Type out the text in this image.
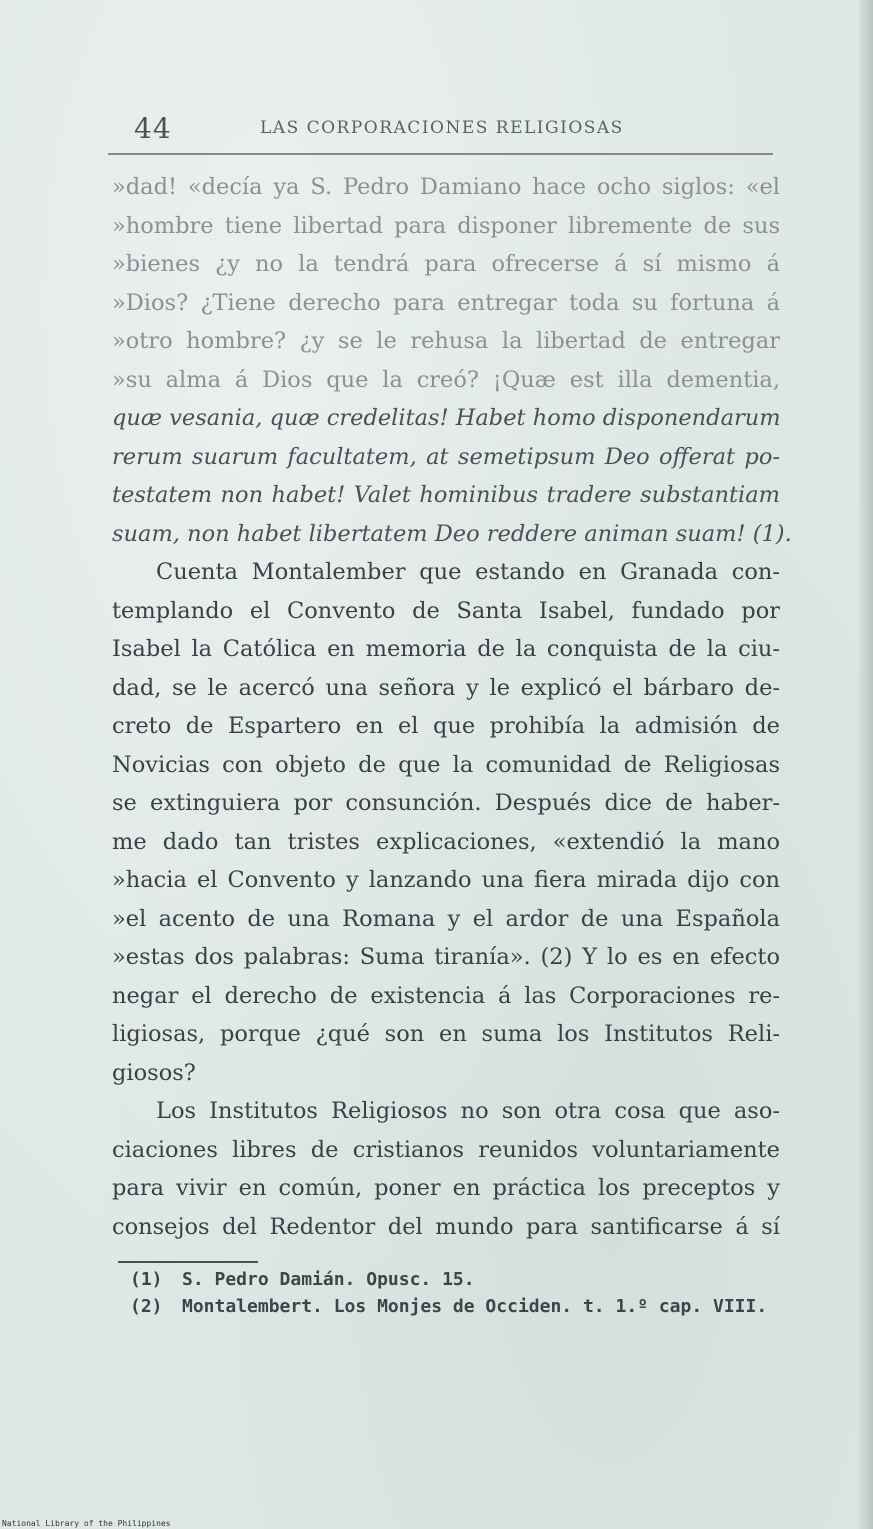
44	LAS CORPORACIONES RELIGIOSAS
»dad! «decía ya S. Pedro Damiano hace ocho siglos: «el
»hombre tiene libertad para disponer libremente de sus
»bienes ¿y no la tendrá para ofrecerse á sí mismo á
»Dios? ¿Tiene derecho para entregar toda su fortuna á
»otro hombre? ¿y se le rehusa la libertad de entregar
»su alma á Dios que la creó? ¡Quæ est illa dementia,
quæ vesania, quæ credelitas! Habet homo disponendarum
rerum suarum facultatem, at semetipsum Deo offerat po-
testatem non habet! Valet hominibus tradere substantiam
suam, non habet libertatem Deo reddere animan suam! (1).
Cuenta Montalember que estando en Granada con-
templando el Convento de Santa Isabel, fundado por
Isabel la Católica en memoria de la conquista de la ciu-
dad, se le acercó una señora y le explicó el bárbaro de-
creto de Espartero en el que prohibía la admisión de
Novicias con objeto de que la comunidad de Religiosas
se extinguiera por consunción. Después dice de haber-
me dado tan tristes explicaciones, «extendió la mano
»hacia el Convento y lanzando una fiera mirada dijo con
»el acento de una Romana y el ardor de una Española
»estas dos palabras: Suma tiranía». (2) Y lo es en efecto
negar el derecho de existencia á las Corporaciones re-
ligiosas, porque ¿qué son en suma los Institutos Reli-
giosos?
Los Institutos Religiosos no son otra cosa que aso-
ciaciones libres de cristianos reunidos voluntariamente
para vivir en común, poner en práctica los preceptos y
consejos del Redentor del mundo para santificarse á sí
(1) S. Pedro Damián. Opusc. 15.
(2) Montalembert. Los Monjes de Occiden. t. 1.º cap. VIII.
National Library of the Philippines
